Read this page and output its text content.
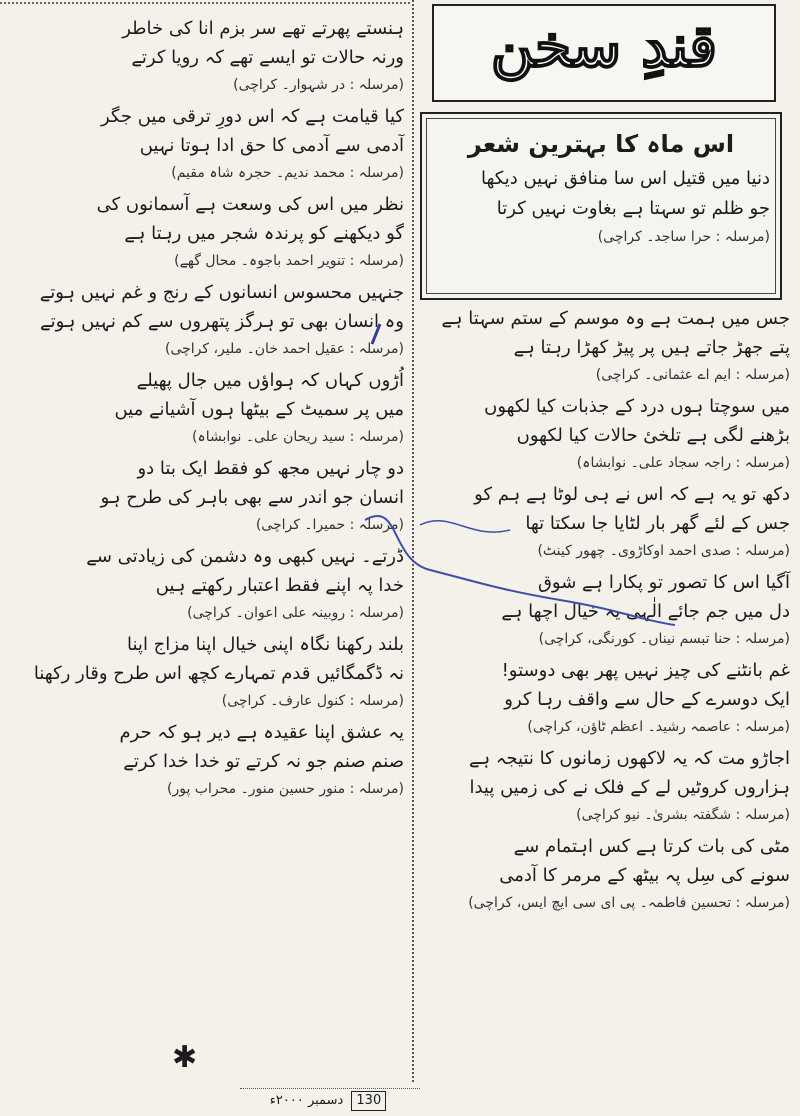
قندِ سخن
اس ماہ کا بہترین شعر
دنیا میں قتیل اس سا منافق نہیں دیکھا
جو ظلم تو سہتا ہے بغاوت نہیں کرتا
(مرسلہ : حرا ساجد۔ کراچی)
ہنستے پھرتے تھے سر بزم انا کی خاطر
ورنہ حالات تو ایسے تھے کہ رویا کرتے
(مرسلہ : در شہوار۔ کراچی)
کیا قیامت ہے کہ اس دورِ ترقی میں جگر
آدمی سے آدمی کا حق ادا ہوتا نہیں
(مرسلہ : محمد ندیم۔ حجرہ شاہ مقیم)
نظر میں اس کی وسعت ہے آسمانوں کی
گو دیکھنے کو پرندہ شجر میں رہتا ہے
(مرسلہ : تنویر احمد باجوہ۔ محال گھے)
جنہیں محسوس انسانوں کے رنج و غم نہیں ہوتے
وہ انسان بھی تو ہرگز پتھروں سے کم نہیں ہوتے
(مرسلہ : عقیل احمد خان۔ ملیر، کراچی)
اُڑوں کہاں کہ ہواؤں میں جال پھیلے
میں پر سمیٹ کے بیٹھا ہوں آشیانے میں
(مرسلہ : سید ریحان علی۔ نوابشاہ)
دو چار نہیں مجھ کو فقط ایک بتا دو
انسان جو اندر سے بھی باہر کی طرح ہو
(مرسلہ : حمیرا۔ کراچی)
ڈرتے۔ نہیں کبھی وہ دشمن کی زیادتی سے
خدا پہ اپنے فقط اعتبار رکھتے ہیں
(مرسلہ : روبینہ علی اعوان۔ کراچی)
بلند رکھنا نگاہ اپنی خیال اپنا مزاج اپنا
نہ ڈگمگائیں قدم تمہارے کچھ اس طرح وقار رکھنا
(مرسلہ : کنول عارف۔ کراچی)
یہ عشق اپنا عقیدہ ہے دیر ہو کہ حرم
صنم صنم جو نہ کرتے تو خدا خدا کرتے
(مرسلہ : منور حسین منور۔ محراب پور)
جس میں ہمت ہے وہ موسم کے ستم سہتا ہے
پتے جھڑ جاتے ہیں پر پیڑ کھڑا رہتا ہے
(مرسلہ : ایم اے عثمانی۔ کراچی)
میں سوچتا ہوں درد کے جذبات کیا لکھوں
بڑھنے لگی ہے تلخیٔ حالات کیا لکھوں
(مرسلہ : راجہ سجاد علی۔ نوابشاہ)
دکھ تو یہ ہے کہ اس نے ہی لوٹا ہے ہم کو
جس کے لئے گھر بار لٹایا جا سکتا تھا
(مرسلہ : صدی احمد اوکاڑوی۔ چھور کینٹ)
آگیا اس کا تصور تو پکارا ہے شوق
دل میں جم جائے الٰہی یہ خیال اچھا ہے
(مرسلہ : حنا تبسم نیناں۔ کورنگی، کراچی)
غم بانٹنے کی چیز نہیں پھر بھی دوستو!
ایک دوسرے کے حال سے واقف رہا کرو
(مرسلہ : عاصمہ رشید۔ اعظم ٹاؤن، کراچی)
اجاڑو مت کہ یہ لاکھوں زمانوں کا نتیجہ ہے
ہزاروں کروٹیں لے کے فلک نے کی زمیں پیدا
(مرسلہ : شگفتہ بشریٰ۔ نیو کراچی)
مٹی کی بات کرتا ہے کس اہتمام سے
سونے کی سِل پہ بیٹھ کے مرمر کا آدمی
(مرسلہ : تحسین فاطمہ۔ پی ای سی ایچ ایس، کراچی)
✱
130 دسمبر ۲۰۰۰ء
